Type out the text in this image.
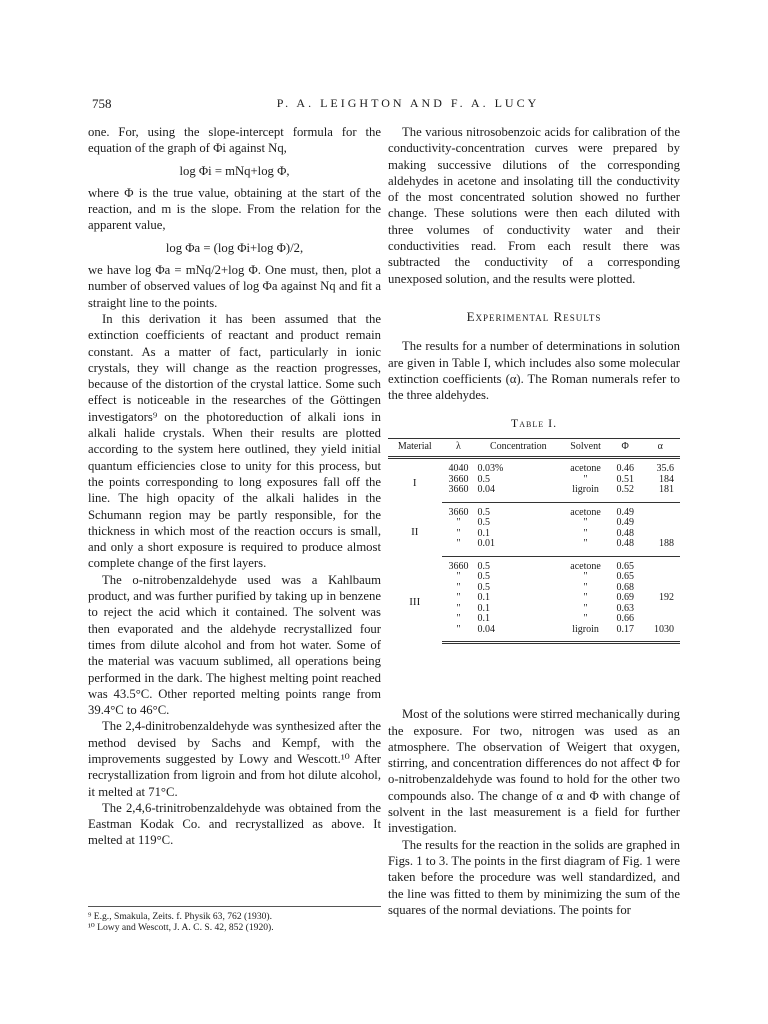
758	P. A. LEIGHTON AND F. A. LUCY

one. For, using the slope-intercept formula for the equation of the graph of Φi against Nq,

log Φi = mNq+log Φ,

where Φ is the true value, obtaining at the start of the reaction, and m is the slope. From the relation for the apparent value,

log Φa = (log Φi+log Φ)/2,

we have log Φa = mNq/2+log Φ. One must, then, plot a number of observed values of log Φa against Nq and fit a straight line to the points.

In this derivation it has been assumed that the extinction coefficients of reactant and product remain constant. As a matter of fact, particularly in ionic crystals, they will change as the reaction progresses, because of the distortion of the crystal lattice. Some such effect is noticeable in the researches of the Göttingen investigators⁹ on the photoreduction of alkali ions in alkali halide crystals. When their results are plotted according to the system here outlined, they yield initial quantum efficiencies close to unity for this process, but the points corresponding to long exposures fall off the line. The high opacity of the alkali halides in the Schumann region may be partly responsible, for the thickness in which most of the reaction occurs is small, and only a short exposure is required to produce almost complete change of the first layers.

The o-nitrobenzaldehyde used was a Kahlbaum product, and was further purified by taking up in benzene to reject the acid which it contained. The solvent was then evaporated and the aldehyde recrystallized four times from dilute alcohol and from hot water. Some of the material was vacuum sublimed, all operations being performed in the dark. The highest melting point reached was 43.5°C. Other reported melting points range from 39.4°C to 46°C.

The 2,4-dinitrobenzaldehyde was synthesized after the method devised by Sachs and Kempf, with the improvements suggested by Lowy and Wescott.¹⁰ After recrystallization from ligroin and from hot dilute alcohol, it melted at 71°C.

The 2,4,6-trinitrobenzaldehyde was obtained from the Eastman Kodak Co. and recrystallized as above. It melted at 119°C.

⁹ E.g., Smakula, Zeits. f. Physik 63, 762 (1930).
¹⁰ Lowy and Wescott, J. A. C. S. 42, 852 (1920).

The various nitrosobenzoic acids for calibration of the conductivity-concentration curves were prepared by making successive dilutions of the corresponding aldehydes in acetone and insolating till the conductivity of the most concentrated solution showed no further change. These solutions were then each diluted with three volumes of conductivity water and their conductivities read. From each result there was subtracted the conductivity of a corresponding unexposed solution, and the results were plotted.

Experimental Results

The results for a number of determinations in solution are given in Table I, which includes also some molecular extinction coefficients (α). The Roman numerals refer to the three aldehydes.

Table I.
Material	λ	Concentration	Solvent	Φ	α
I	4040	0.03%	acetone	0.46	35.6
	3660	0.5	"	0.51	184
	3660	0.04	ligroin	0.52	181
II	3660	0.5	acetone	0.49	
	"	0.5	"	0.49	
	"	0.1	"	0.48	
	"	0.01	"	0.48	188
III	3660	0.5	acetone	0.65	
	"	0.5	"	0.65	
	"	0.5	"	0.68	
	"	0.1	"	0.69	192
	"	0.1	"	0.63	
	"	0.1	"	0.66	
	"	0.04	ligroin	0.17	1030

Most of the solutions were stirred mechanically during the exposure. For two, nitrogen was used as an atmosphere. The observation of Weigert that oxygen, stirring, and concentration differences do not affect Φ for o-nitrobenzaldehyde was found to hold for the other two compounds also. The change of α and Φ with change of solvent in the last measurement is a field for further investigation.

The results for the reaction in the solids are graphed in Figs. 1 to 3. The points in the first diagram of Fig. 1 were taken before the procedure was well standardized, and the line was fitted to them by minimizing the sum of the squares of the normal deviations. The points for
